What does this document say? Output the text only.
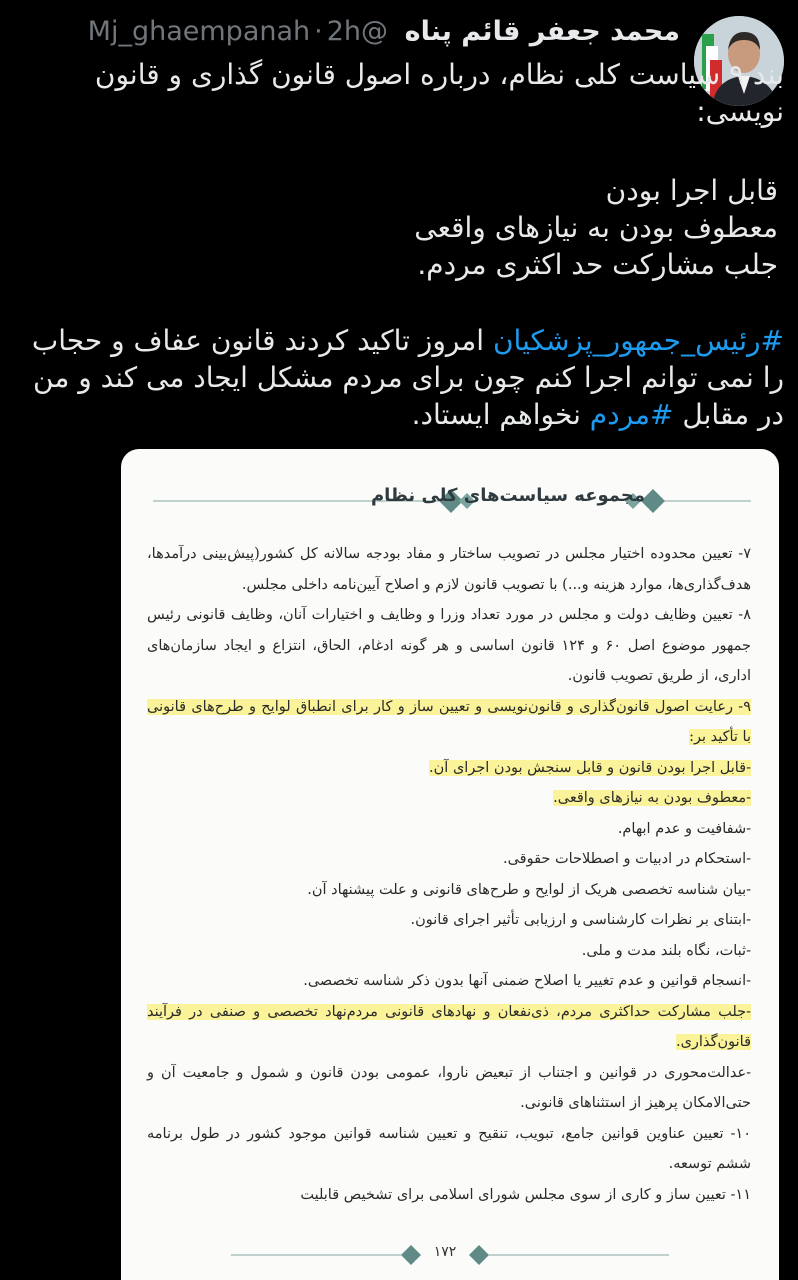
محمد جعفر قائم پناه @Mj_ghaempanah· 2h

بند ۹ سیاست کلی نظام، درباره اصول قانون گذاری و قانون نویسی:

قابل اجرا بودن
معطوف بودن به نیازهای واقعی
جلب مشارکت حد اکثری مردم.
#رئیس_جمهور_پزشکیان امروز تاکید کردند قانون عفاف و حجاب را نمی توانم اجرا کنم چون برای مردم مشکل ایجاد می کند و من در مقابل #مردم نخواهم ایستاد.
مجموعه سیاست‌های کلی نظام

۷- تعیین محدوده اختیار مجلس در تصویب ساختار و مفاد بودجه سالانه کل کشور(پیش‌بینی درآمدها، هدف‌گذاری‌ها، موارد هزینه و...) با تصویب قانون لازم و اصلاح آیین‌نامه داخلی مجلس.

۸- تعیین وظایف دولت و مجلس در مورد تعداد وزرا و وظایف و اختیارات آنان، وظایف قانونی رئیس جمهور موضوع اصل ۶۰ و ۱۲۴ قانون اساسی و هر گونه ادغام، الحاق، انتزاع و ایجاد سازمان‌های اداری، از طریق تصویب قانون.

۹- رعایت اصول قانون‌گذاری و قانون‌نویسی و تعیین ساز و کار برای انطباق لوایح و طرح‌های قانونی با تأکید بر:

-قابل اجرا بودن قانون و قابل سنجش بودن اجرای آن.

-معطوف بودن به نیازهای واقعی.

-شفافیت و عدم ابهام.

-استحکام در ادبیات و اصطلاحات حقوقی.

-بیان شناسه تخصصی هریک از لوایح و طرح‌های قانونی و علت پیشنهاد آن.

-ابتنای بر نظرات کارشناسی و ارزیابی تأثیر اجرای قانون.

-ثبات، نگاه بلند مدت و ملی.

-انسجام قوانین و عدم تغییر یا اصلاح ضمنی آنها بدون ذکر شناسه تخصصی.

-جلب مشارکت حداکثری مردم، ذی‌نفعان و نهادهای قانونی مردم‌نهاد تخصصی و صنفی در فرآیند قانون‌گذاری.

-عدالت‌محوری در قوانین و اجتناب از تبعیض ناروا، عمومی بودن قانون و شمول و جامعیت آن و حتی‌الامکان پرهیز از استثناهای قانونی.

۱۰- تعیین عناوین قوانین جامع، تبویب، تنقیح و تعیین شناسه قوانین موجود کشور در طول برنامه ششم توسعه.

۱۱- تعیین ساز و کاری از سوی مجلس شورای اسلامی برای تشخیص قابلیت

۱۷۲
